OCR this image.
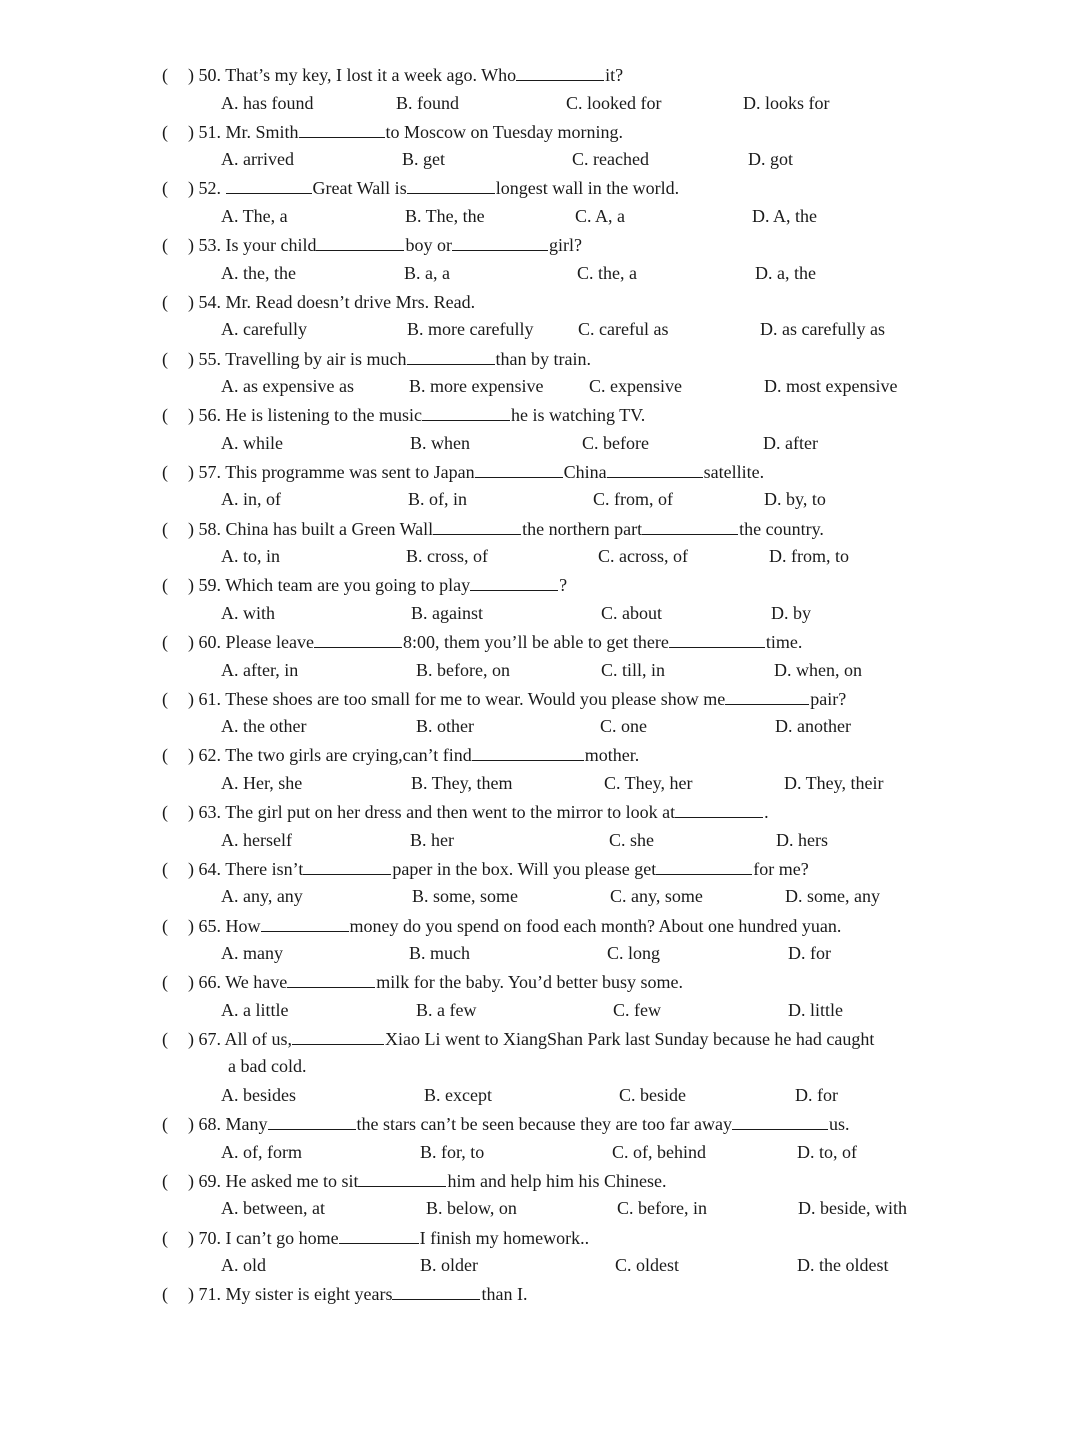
( ) 50. That’s my key, I lost it a week ago. Who	it?
A. has found	B. found	C. looked for	D. looks for
( ) 51. Mr. Smith	to Moscow on Tuesday morning.
A. arrived	B. get	C. reached	D. got
( ) 52.	Great Wall is	longest wall in the world.
A. The, a	B. The, the	C. A, a	D. A, the
( ) 53. Is your child	boy or	girl?
A. the, the	B. a, a	C. the, a	D. a, the
( ) 54. Mr. Read doesn’t drive Mrs. Read.
A. carefully	B. more carefully C. careful as	D. as carefully as
( ) 55. Travelling by air is much	than by train.
A. as expensive as	B. more expensive	C. expensive	D. most expensive
( ) 56. He is listening to the music	he is watching TV.
A. while	B. when	C. before	D. after
( ) 57. This programme was sent to Japan	China	satellite.
A. in, of	B. of, in	C. from, of	D. by, to
( ) 58. China has built a Green Wall	the northern part	the country.
A. to, in	B. cross, of	C. across, of	D. from, to
( ) 59. Which team are you going to play	?
A. with	B. against	C. about	D. by
( ) 60. Please leave	8:00, them you’ll be able to get there	time.
A. after, in	B. before, on	C. till, in	D. when, on
( ) 61. These shoes are too small for me to wear. Would you please show me	pair?
A. the other	B. other	C. one	D. another
( ) 62. The two girls are crying,can’t find	mother.
A. Her, she	B. They, them	C. They, her	D. They, their
( ) 63. The girl put on her dress and then went to the mirror to look at	.
A. herself	B. her	C. she	D. hers
( ) 64. There isn’t	paper in the box. Will you please get	for me?
A. any, any	B. some, some	C. any, some	D. some, any
( ) 65. How	money do you spend on food each month? About one hundred yuan.
A. many	B. much	C. long	D. for
( ) 66. We have	milk for the baby. You’d better busy some.
A. a little	B. a few	C. few	D. little
( ) 67. All of us,	Xiao Li went to XiangShan Park last Sunday because he had caught
a bad cold.
A. besides	B. except	C. beside	D. for
( ) 68. Many	the stars can’t be seen because they are too far away	us.
A. of, form	B. for, to	C. of, behind	D. to, of
( ) 69. He asked me to sit	him and help him his Chinese.
A. between, at	B. below, on	C. before, in	D. beside, with
( ) 70. I can’t go home	I finish my homework..
A. old	B. older	C. oldest	D. the oldest
( ) 71. My sister is eight years	than I.
